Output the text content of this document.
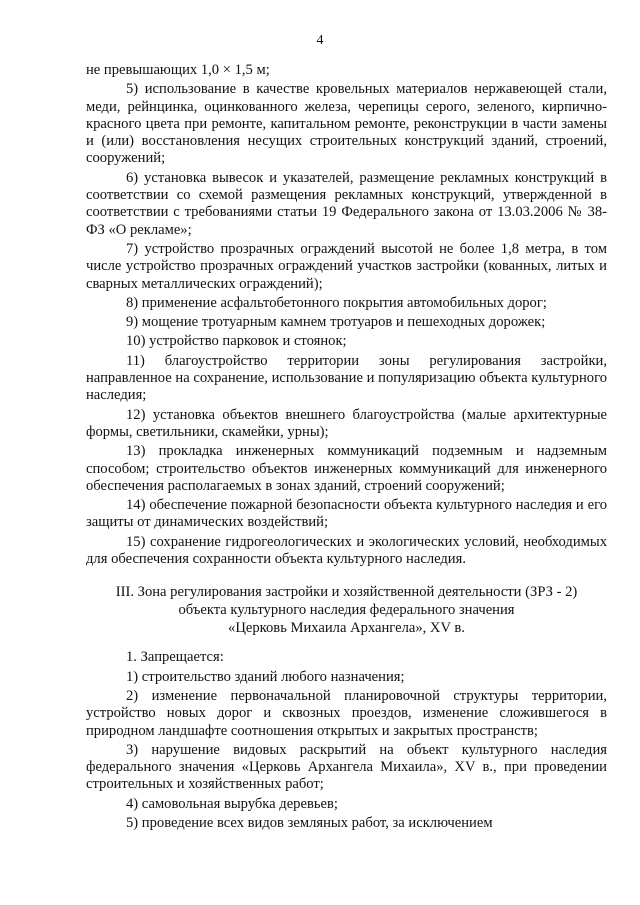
4

не превышающих 1,0 × 1,5 м;

5) использование в качестве кровельных материалов нержавеющей стали, меди, рейнцинка, оцинкованного железа, черепицы серого, зеленого, кирпично-красного цвета при ремонте, капитальном ремонте, реконструкции в части замены и (или) восстановления несущих строительных конструкций зданий, строений, сооружений;

6) установка вывесок и указателей, размещение рекламных конструкций в соответствии со схемой размещения рекламных конструкций, утвержденной в соответствии с требованиями статьи 19 Федерального закона от 13.03.2006 № 38-ФЗ «О рекламе»;

7) устройство прозрачных ограждений высотой не более 1,8 метра, в том числе устройство прозрачных ограждений участков застройки (кованных, литых и сварных металлических ограждений);

8) применение асфальтобетонного покрытия автомобильных дорог;

9) мощение тротуарным камнем тротуаров и пешеходных дорожек;

10) устройство парковок и стоянок;

11) благоустройство территории зоны регулирования застройки, направленное на сохранение, использование и популяризацию объекта культурного наследия;

12) установка объектов внешнего благоустройства (малые архитектурные формы, светильники, скамейки, урны);

13) прокладка инженерных коммуникаций подземным и надземным способом; строительство объектов инженерных коммуникаций для инженерного обеспечения располагаемых в зонах зданий, строений сооружений;

14) обеспечение пожарной безопасности объекта культурного наследия и его защиты от динамических воздействий;

15) сохранение гидрогеологических и экологических условий, необходимых для обеспечения сохранности объекта культурного наследия.

III. Зона регулирования застройки и хозяйственной деятельности (ЗРЗ - 2)
объекта культурного наследия федерального значения
«Церковь Михаила Архангела», XV в.

1. Запрещается:

1) строительство зданий любого назначения;

2) изменение первоначальной планировочной структуры территории, устройство новых дорог и сквозных проездов, изменение сложившегося в природном ландшафте соотношения открытых и закрытых пространств;

3) нарушение видовых раскрытий на объект культурного наследия федерального значения «Церковь Архангела Михаила», XV в., при проведении строительных и хозяйственных работ;

4) самовольная вырубка деревьев;

5) проведение всех видов земляных работ, за исключением
